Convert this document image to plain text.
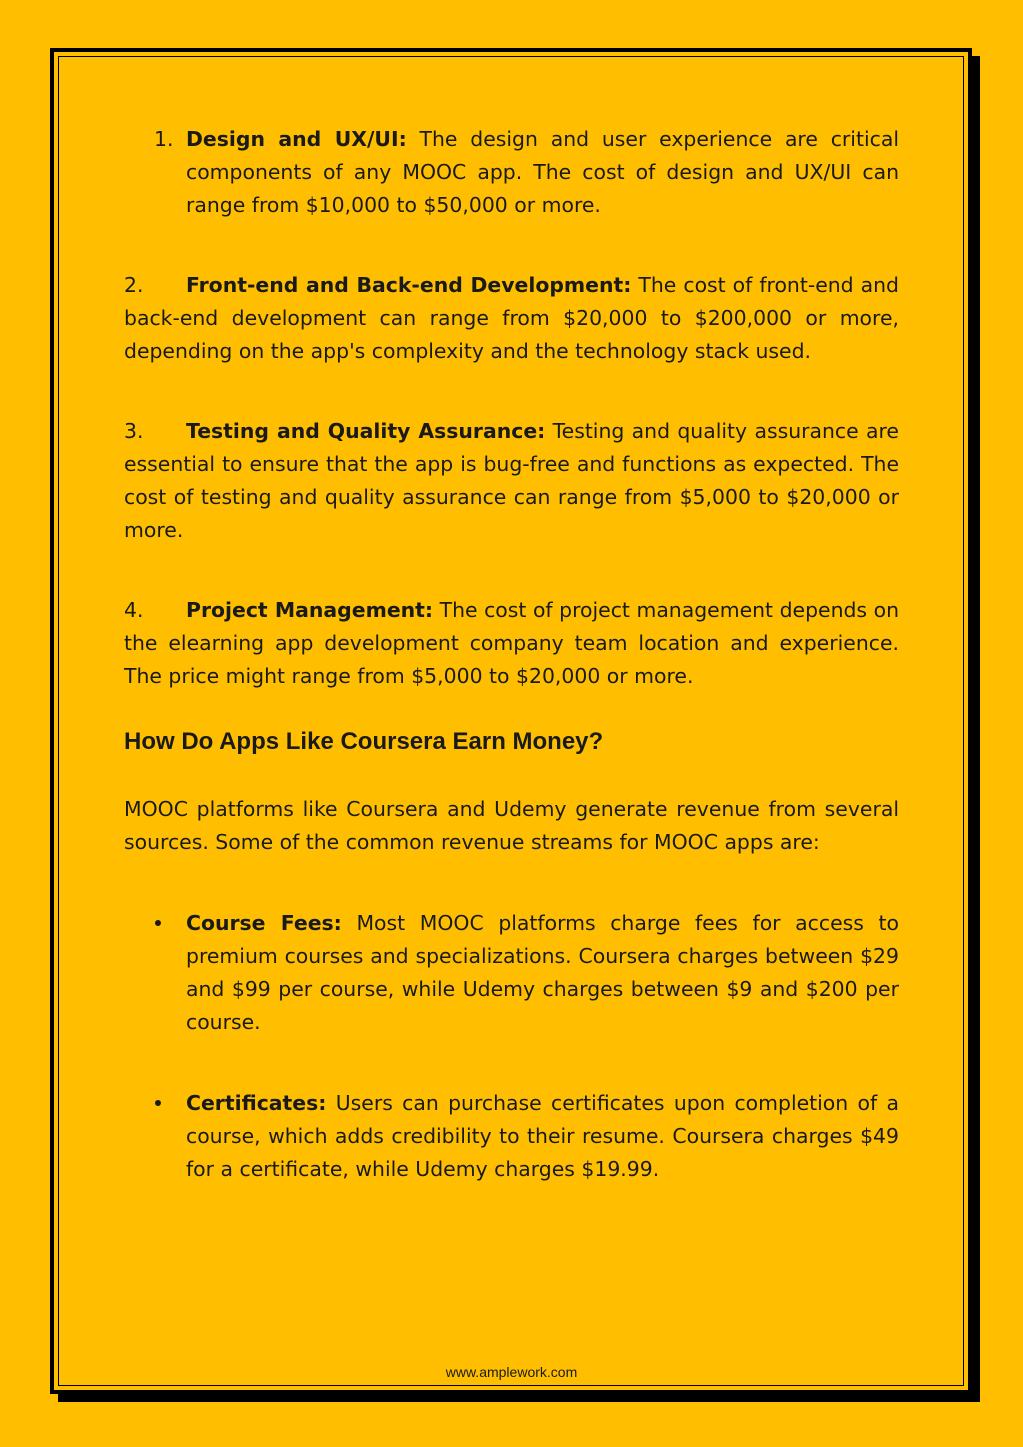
1. Design and UX/UI: The design and user experience are critical components of any MOOC app. The cost of design and UX/UI can range from $10,000 to $50,000 or more.

2. Front-end and Back-end Development: The cost of front-end and back-end development can range from $20,000 to $200,000 or more, depending on the app's complexity and the technology stack used.

3. Testing and Quality Assurance: Testing and quality assurance are essential to ensure that the app is bug-free and functions as expected. The cost of testing and quality assurance can range from $5,000 to $20,000 or more.

4. Project Management: The cost of project management depends on the elearning app development company team location and experience. The price might range from $5,000 to $20,000 or more.

How Do Apps Like Coursera Earn Money?

MOOC platforms like Coursera and Udemy generate revenue from several sources. Some of the common revenue streams for MOOC apps are:

Course Fees: Most MOOC platforms charge fees for access to premium courses and specializations. Coursera charges between $29 and $99 per course, while Udemy charges between $9 and $200 per course.

Certificates: Users can purchase certificates upon completion of a course, which adds credibility to their resume. Coursera charges $49 for a certificate, while Udemy charges $19.99.

www.amplework.com
